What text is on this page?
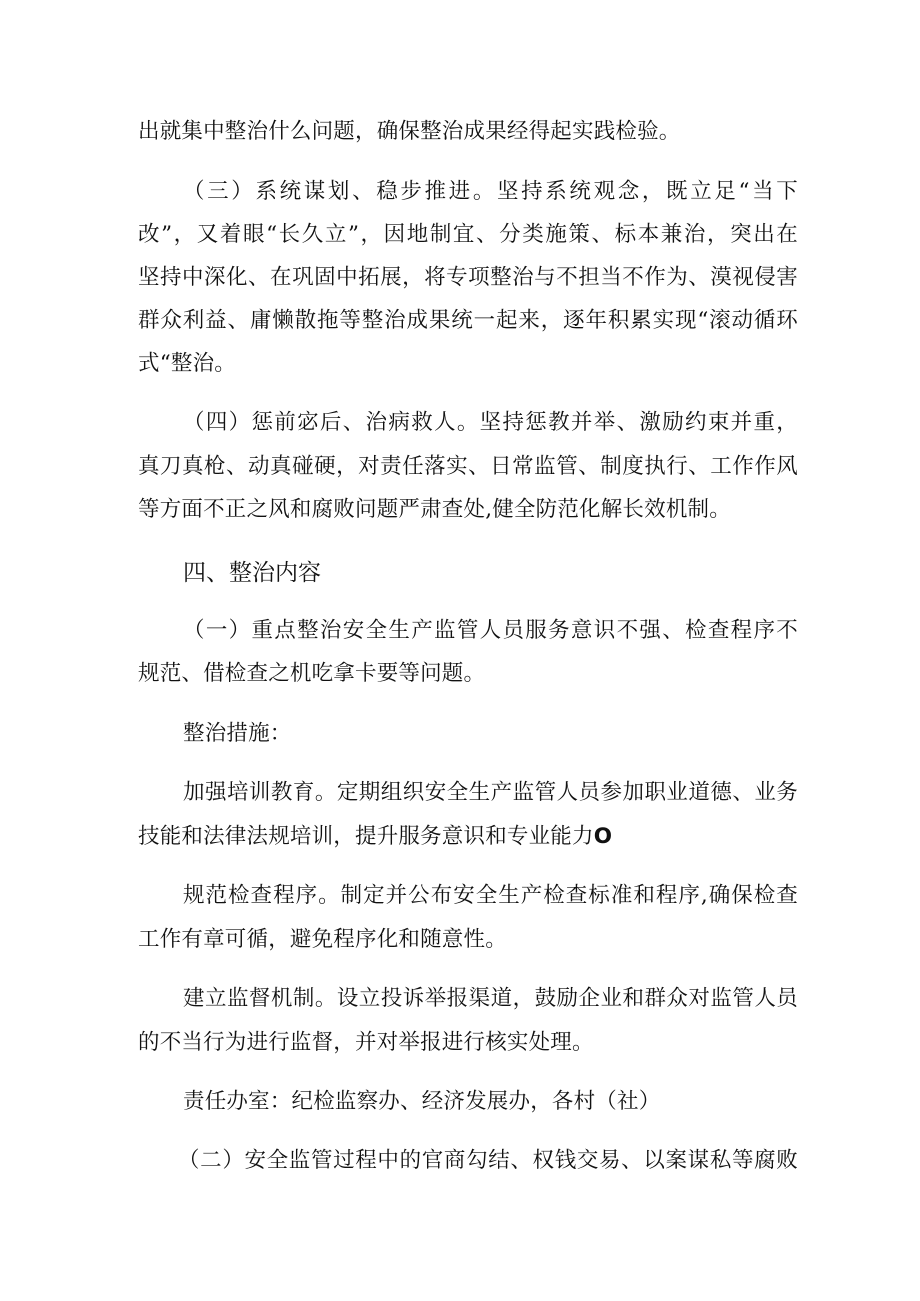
出就集中整治什么问题，确保整治成果经得起实践检验。
（三）系统谋划、稳步推进。坚持系统观念，既立足“当下
改”，又着眼“长久立”，因地制宜、分类施策、标本兼治，突出在
坚持中深化、在巩固中拓展，将专项整治与不担当不作为、漠视侵害
群众利益、庸懒散拖等整治成果统一起来，逐年积累实现“滚动循环
式“整治。
（四）惩前宓后、治病救人。坚持惩教并举、激励约束并重，
真刀真枪、动真碰硬，对责任落实、日常监管、制度执行、工作作风
等方面不正之风和腐败问题严肃查处,健全防范化解长效机制。
四、整治内容
（一）重点整治安全生产监管人员服务意识不强、检查程序不
规范、借检查之机吃拿卡要等问题。
整治措施：
加强培训教育。定期组织安全生产监管人员参加职业道德、业务
技能和法律法规培训，提升服务意识和专业能力O
规范检查程序。制定并公布安全生产检查标准和程序,确保检查
工作有章可循，避免程序化和随意性。
建立监督机制。设立投诉举报渠道，鼓励企业和群众对监管人员
的不当行为进行监督，并对举报进行核实处理。
责任办室：纪检监察办、经济发展办，各村（社）
（二）安全监管过程中的官商勾结、权钱交易、以案谋私等腐败
